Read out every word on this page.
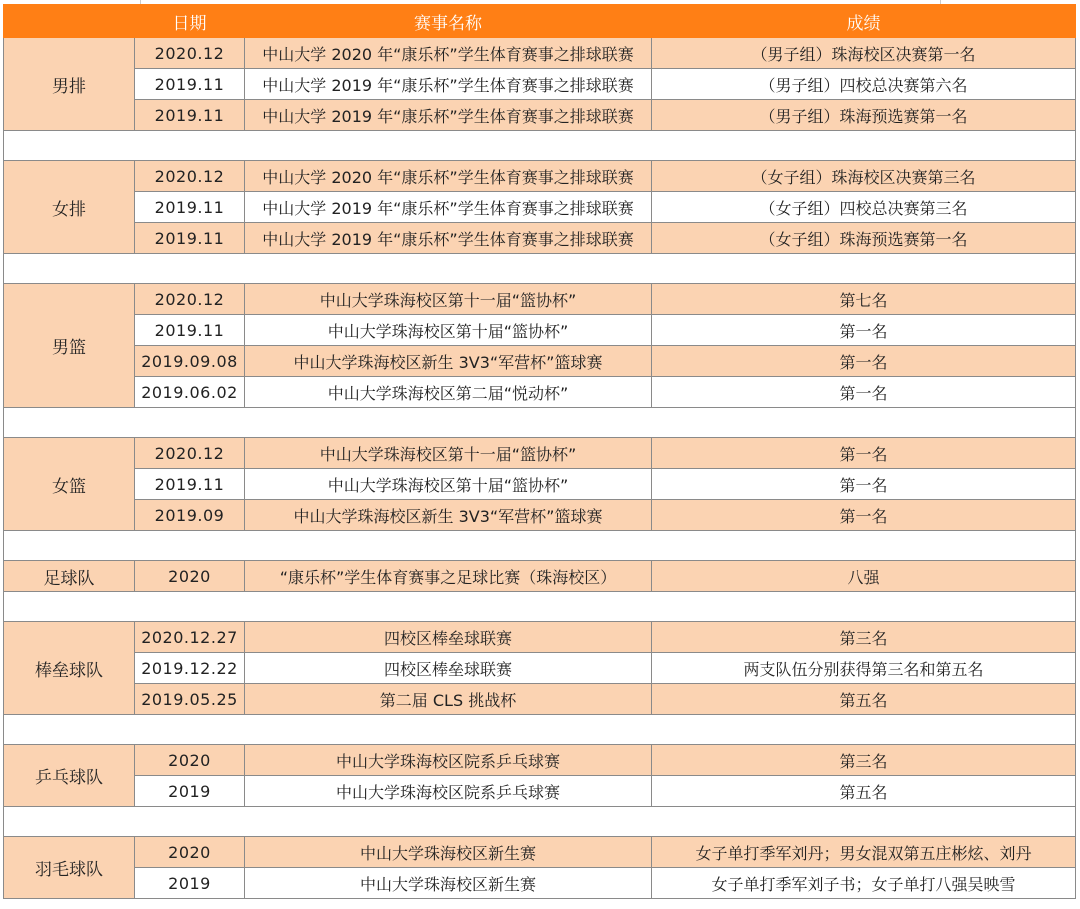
	日期	赛事名称	成绩
男排	2020.12	中山大学 2020 年“康乐杯”学生体育赛事之排球联赛	（男子组）珠海校区决赛第一名
	2019.11	中山大学 2019 年“康乐杯”学生体育赛事之排球联赛	（男子组）四校总决赛第六名
	2019.11	中山大学 2019 年“康乐杯”学生体育赛事之排球联赛	（男子组）珠海预选赛第一名

女排	2020.12	中山大学 2020 年“康乐杯”学生体育赛事之排球联赛	（女子组）珠海校区决赛第三名
	2019.11	中山大学 2019 年“康乐杯”学生体育赛事之排球联赛	（女子组）四校总决赛第三名
	2019.11	中山大学 2019 年“康乐杯”学生体育赛事之排球联赛	（女子组）珠海预选赛第一名

男篮	2020.12	中山大学珠海校区第十一届“篮协杯”	第七名
	2019.11	中山大学珠海校区第十届“篮协杯”	第一名
	2019.09.08	中山大学珠海校区新生 3V3“军营杯”篮球赛	第一名
	2019.06.02	中山大学珠海校区第二届“悦动杯”	第一名

女篮	2020.12	中山大学珠海校区第十一届“篮协杯”	第一名
	2019.11	中山大学珠海校区第十届“篮协杯”	第一名
	2019.09	中山大学珠海校区新生 3V3“军营杯”篮球赛	第一名

足球队	2020	“康乐杯”学生体育赛事之足球比赛（珠海校区）	八强

棒垒球队	2020.12.27	四校区棒垒球联赛	第三名
	2019.12.22	四校区棒垒球联赛	两支队伍分别获得第三名和第五名
	2019.05.25	第二届 CLS 挑战杯	第五名

乒乓球队	2020	中山大学珠海校区院系乒乓球赛	第三名
	2019	中山大学珠海校区院系乒乓球赛	第五名

羽毛球队	2020	中山大学珠海校区新生赛	女子单打季军刘丹；男女混双第五庄彬炫、刘丹
	2019	中山大学珠海校区新生赛	女子单打季军刘子书；女子单打八强吴映雪
